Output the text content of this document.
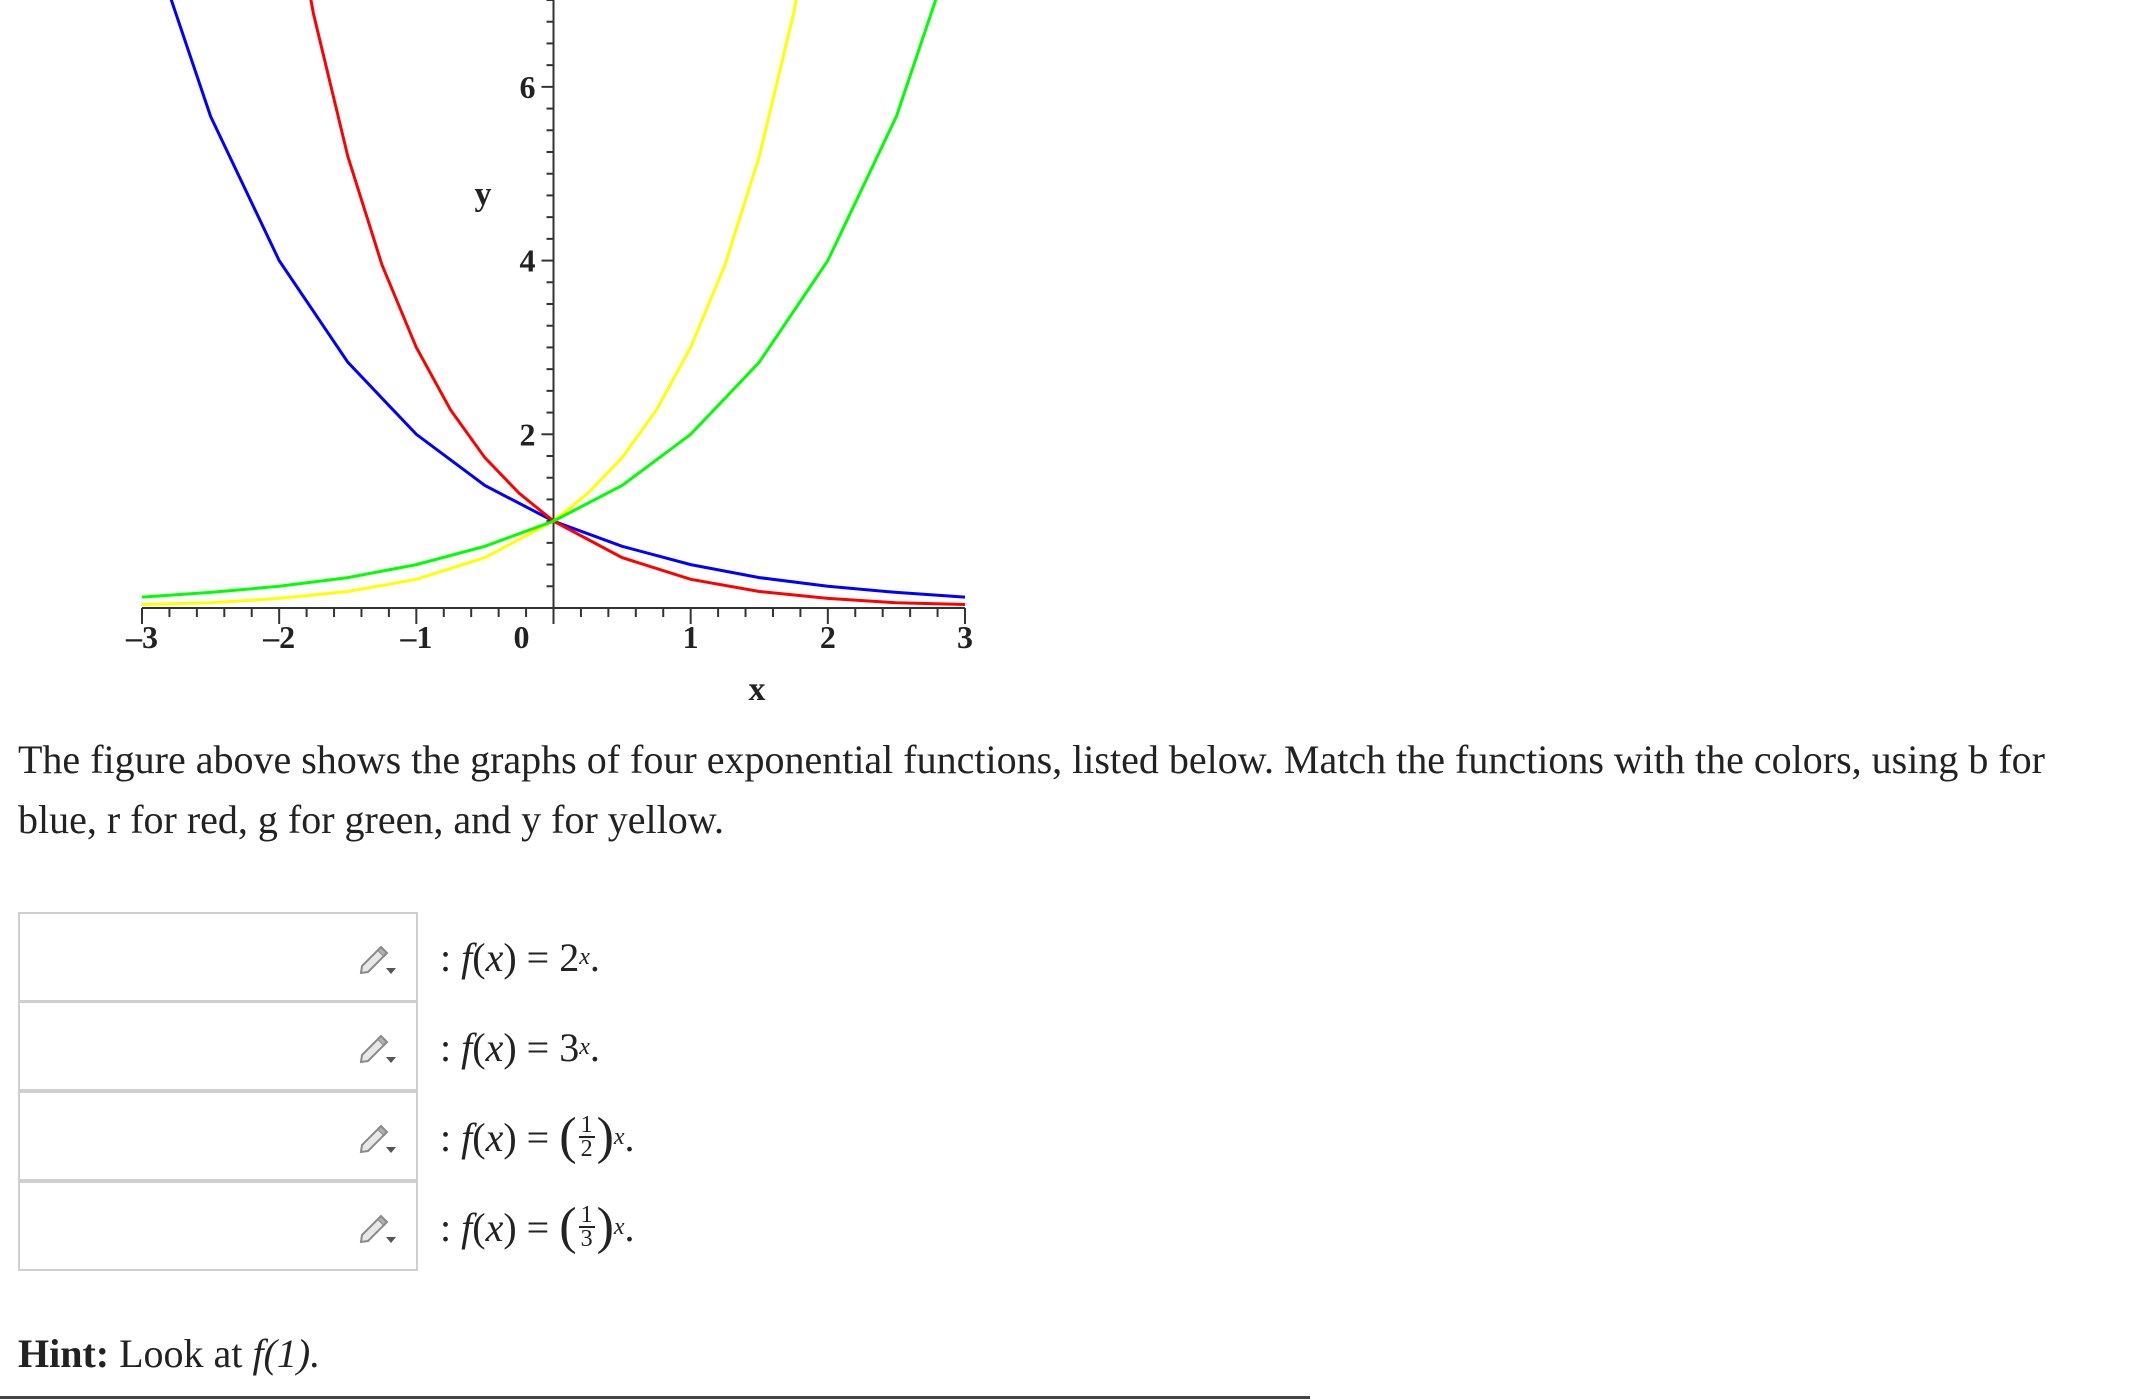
–3	–2	–1	0	1	2	3
2
4
6
x
y
The figure above shows the graphs of four exponential functions, listed below. Match the functions with the colors, using b for blue, r for red, g for green, and y for yellow.
: f ( x ) = 2 x .
: f ( x ) = 3 x .
: f ( x ) = ( $\frac{1}{2}$ ) x .
: f ( x ) = ( $\frac{1}{3}$ ) x .
Hint: Look at f(1).
